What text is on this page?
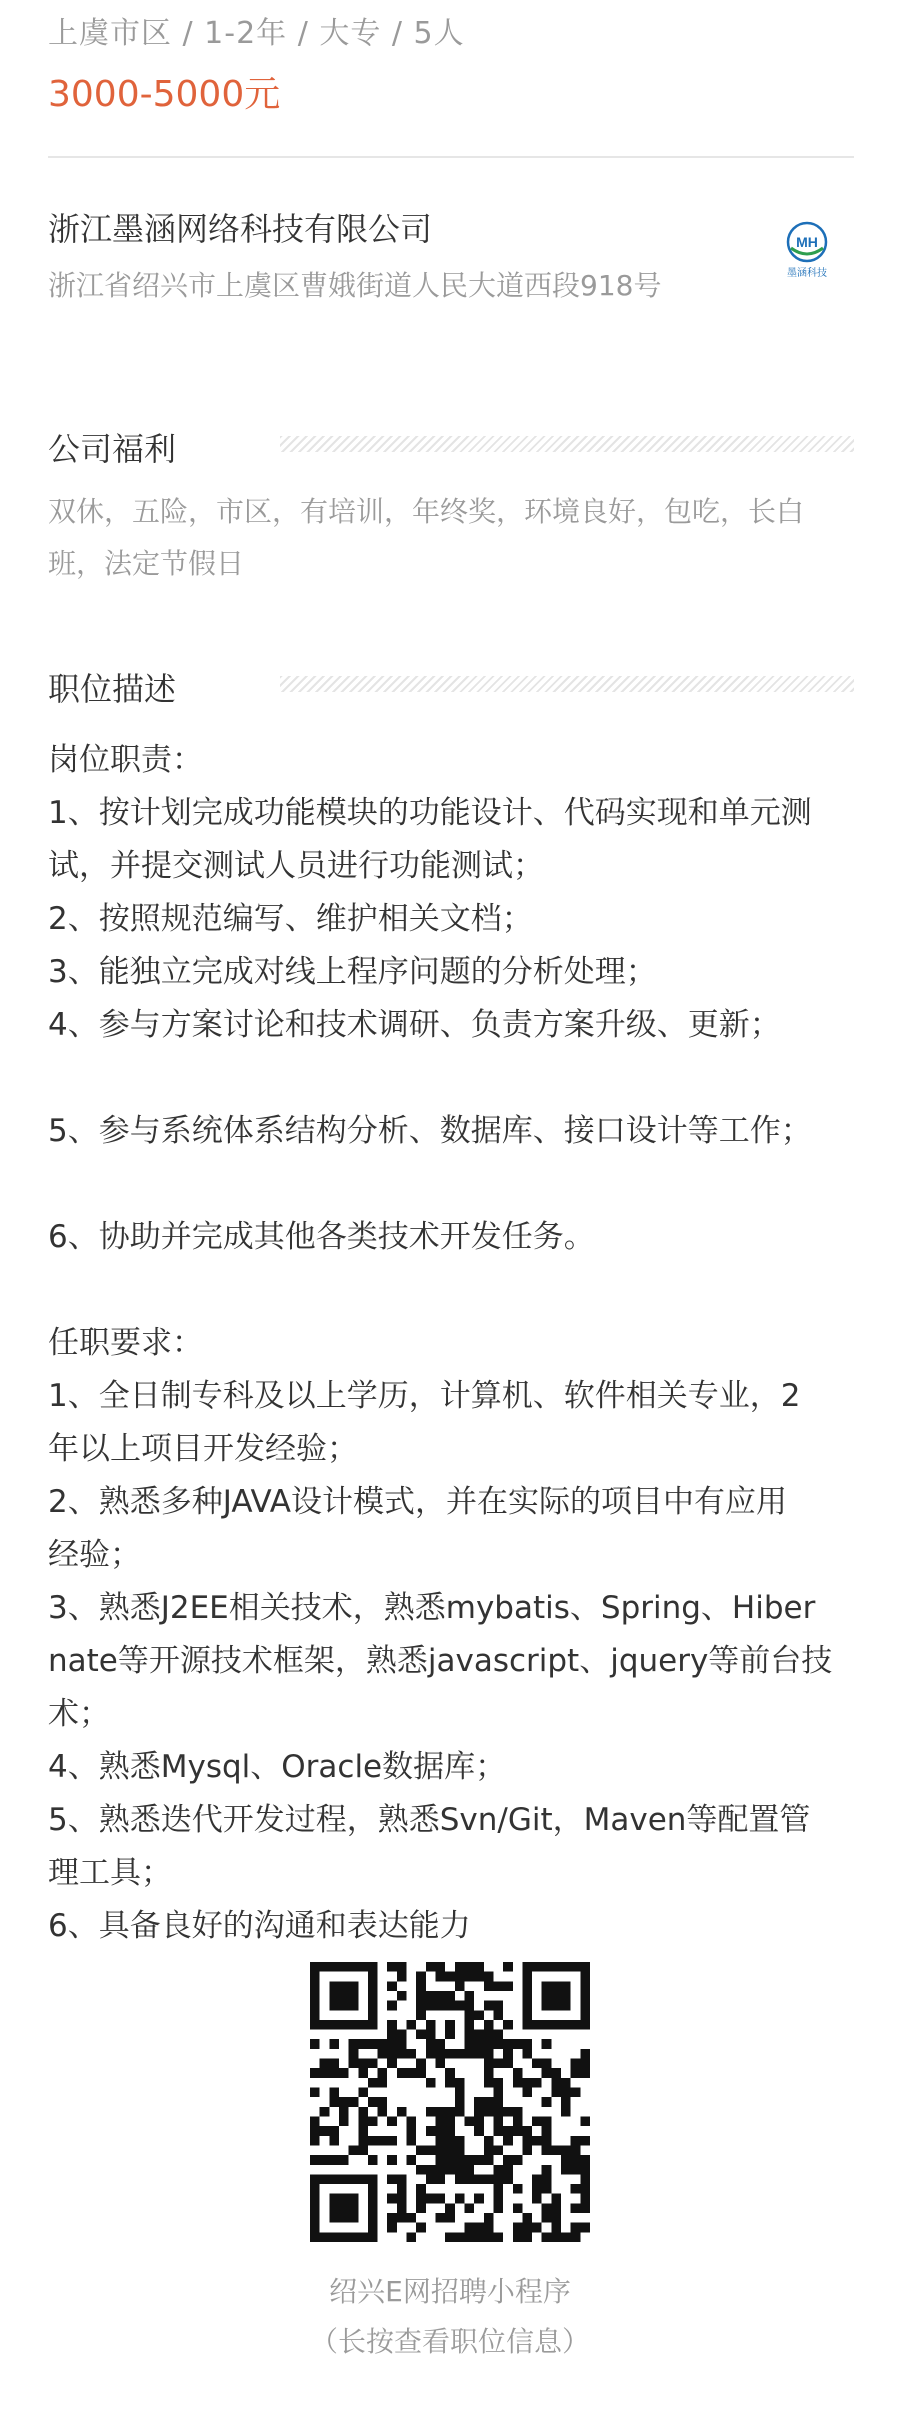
上虞市区 / 1-2年 / 大专 / 5人
3000-5000元
浙江墨涵网络科技有限公司
浙江省绍兴市上虞区曹娥街道人民大道西段918号
MH
墨涵科技
公司福利
双休，五险，市区，有培训，年终奖，环境良好，包吃，长白班，法定节假日
职位描述
岗位职责：
1、按计划完成功能模块的功能设计、代码实现和单元测
试，并提交测试人员进行功能测试；
2、按照规范编写、维护相关文档；
3、能独立完成对线上程序问题的分析处理；
4、参与方案讨论和技术调研、负责方案升级、更新；
5、参与系统体系结构分析、数据库、接口设计等工作；
6、协助并完成其他各类技术开发任务。
任职要求：
1、全日制专科及以上学历，计算机、软件相关专业，2
年以上项目开发经验；
2、熟悉多种JAVA设计模式，并在实际的项目中有应用
经验；
3、熟悉J2EE相关技术，熟悉mybatis、Spring、Hiber
nate等开源技术框架，熟悉javascript、jquery等前台技
术；
4、熟悉Mysql、Oracle数据库；
5、熟悉迭代开发过程，熟悉Svn/Git，Maven等配置管
理工具；
6、具备良好的沟通和表达能力
绍兴E网招聘小程序
（长按查看职位信息）
